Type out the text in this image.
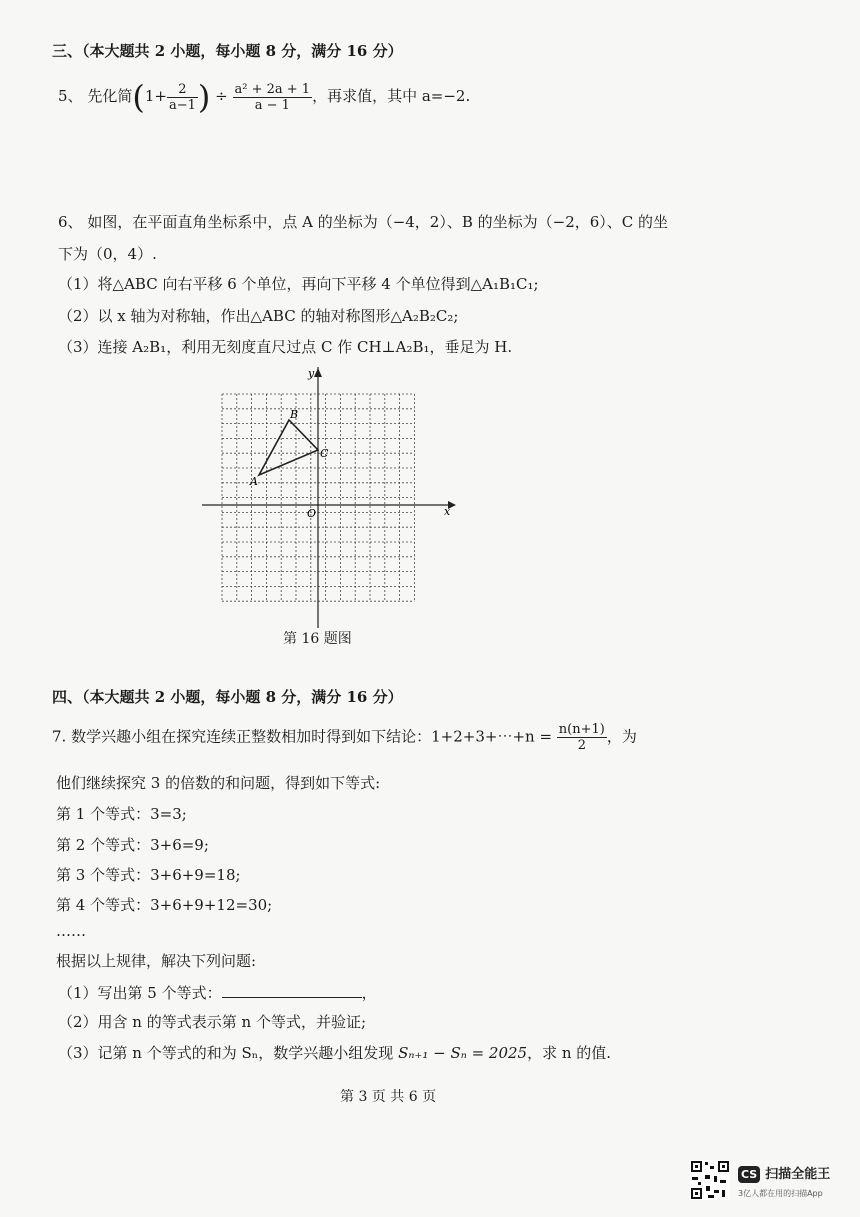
三、（本大题共 2 小题，每小题 8 分，满分 16 分）
5、 先化简($1+ \frac{2}{a-1}$ ) ÷ $\frac{\text{a² + 2a + 1}}{a - 1}$ ，再求值，其中 a=−2.
6、 如图，在平面直角坐标系中，点 A 的坐标为（−4，2）、B 的坐标为（−2，6）、C 的坐
下为（0，4）.
（1）将△ABC 向右平移 6 个单位，再向下平移 4 个单位得到△A₁B₁C₁;
（2）以 x 轴为对称轴，作出△ABC 的轴对称图形△A₂B₂C₂;
（3）连接 A₂B₁，利用无刻度直尺过点 C 作 CH⊥A₂B₁，垂足为 H.
x
y
O
A
B
C
第 16 题图
四、（本大题共 2 小题，每小题 8 分，满分 16 分）
7. 数学兴趣小组在探究连续正整数相加时得到如下结论：1+2+3+⋯+n = $\frac{n(n+1)}{2}$ ，为
他们继续探究 3 的倍数的和问题，得到如下等式:
第 1 个等式：3=3;
第 2 个等式：3+6=9;
第 3 个等式：3+6+9=18;
第 4 个等式：3+6+9+12=30;
……
根据以上规律，解决下列问题:
（1）写出第 5 个等式：	，
（2）用含 n 的等式表示第 n 个等式，并验证;
（3）记第 n 个等式的和为 Sₙ，数学兴趣小组发现 Sₙ₊₁ − Sₙ = 2025，求 n 的值.
第 3 页 共 6 页
CS 扫描全能王
3亿人都在用的扫描App
